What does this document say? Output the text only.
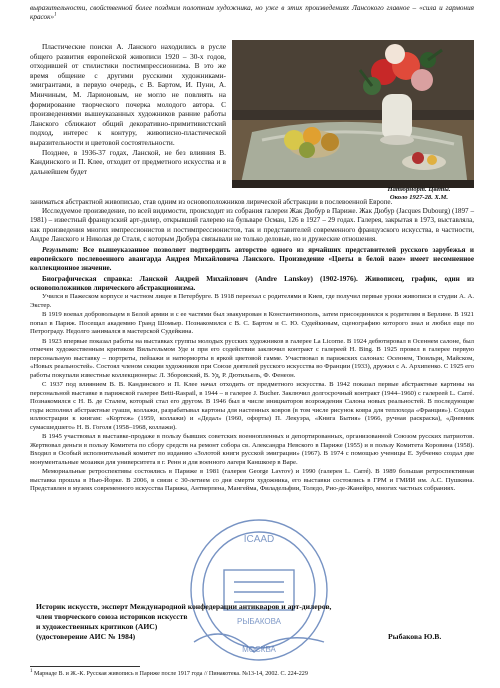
выразительности, свойственной более поздним полотнам художника, но уже в этих произведениях Лансокого главное – «сила и гармония красок»$^1$

Пластические поиски А. Ланского находились в русле общего развития европейской живописи 1920 – 30-х годов, отходившей от стилистики постимпрессионизма. В это же время общение с другими русскими художниками-эмигрантами, в первую очередь, с В. Бартом, И. Пуни, А. Минчиным, М. Ларионовым, не могло не повлиять на формирование творческого почерка молодого автора. С произведениями вышеуказанных художников ранние работы Ланского сближают общий декоративно-примитивистский подход, интерес к контуру, живописно-пластической выразительности и цветовой состоятельности.

Позднее, в 1936-37 годах, Ланской, не без влияния В. Кандинского и П. Клее, отходит от предметного искусства и в дальнейшем будет

Натюрморт. Цветы.
Около 1927-28. Х.М.

заниматься абстрактной живописью, став одним из основоположников лирической абстракции в послевоенной Европе.

Исследуемое произведение, по всей видимости, происходит из собрания галереи Жак Дюбур в Париже. Жак Дюбур (Jacques Dubourg) (1897 – 1981) – известный французский арт-дилер, открывший галерею на бульваре Осман, 126 в 1927 – 29 годах. Галерея, закрытая в 1973, выставляла, как произведения многих импрессионистов и постимпрессионистов, так и представителей современного французского искусства, в частности, Андре Ланского и Николая де Сталя, с которым Дюбура связывали не только деловые, но и дружеские отношения.

Результат: Все вышеуказанное позволяет подтвердить авторство одного из ярчайших представителей русского зарубежья и европейского послевоенного авангарда Андрея Михайловича Ланского. Произведение «Цветы в белой вазе» имеет несомненное коллекционное значение.

Биографическая справка: Ланской Андрей Михайлович (Andre Lanskoy) (1902-1976). Живописец, график, один из основоположников лирического абстракционизма.

Учился в Пажеском корпусе и частном лицее в Петербурге. В 1918 переехал с родителями в Киев, где получил первые уроки живописи в студии А. А. Экстер.

В 1919 воевал добровольцем в Белой армии и с ее частями был эвакуирован в Константинополь, затем присоединился к родителям в Берлине. В 1921 попал в Париж. Посещал академию Гранд Шомьер. Познакомился с В. С. Бартом и С. Ю. Судейкиным, сценографию которого знал и любил еще по Петрограду. Недолго занимался в мастерской Судейкина.

В 1923 впервые показал работы на выставках группы молодых русских художников в галерее La Licorne. В 1924 дебютировал в Осеннем салоне, был отмечен художественным критиком Вильгельмом Уде и при его содействии заключил контракт с галереей Н. Bing. В 1925 провел в галерее первую персональную выставку – портреты, пейзажи и натюрморты в яркой цветовой гамме. Участвовал в парижских салонах: Осеннем, Тюильри, Майском, «Новых реальностей». Состоял членом секции художников при Союзе деятелей русского искусства во Франции (1933), дружил с А. Архипенко. С 1925 его работы покупали известные коллекционеры: Л. Зборовский, В. Уд, Р. Дютильель, Ф. Фенеон.

С 1937 под влиянием В. В. Кандинского и П. Клее начал отходить от предметного искусства. В 1942 показал первые абстрактные картины на персональной выставке в парижской галерее Bettі-Raspail, в 1944 – в галерее J. Bucher. Заключил долгосрочный контракт (1944–1960) с галереей L. Carré. Познакомился с Н. В. де Сталем, который стал его другом. В 1946 был в числе инициаторов возрождения Салона новых реальностей. В последующие годы исполнял абстрактные гуаши, коллажи, разрабатывал картоны для настенных ковров (в том числе рисунок ковра для теплохода «Франция»). Создал иллюстрации к книгам: «Кортеж» (1959, коллажи) и «Дедал» (1960, офорты) П. Лекуэра, «Книга Бытия» (1966, ручная раскраска), «Дневник сумасшедшего» Н. В. Гоголя (1958–1968, коллажи).

В 1945 участвовал в выставке-продаже в пользу бывших советских военнопленных и депортированных, организованной Союзом русских патриотов. Жертвовал деньги в пользу Комитета по сбору средств на ремонт собора св. Александра Невского в Париже (1955) и в пользу Комитета Коровина (1958). Входил в Особый исполнительный комитет по изданию «Золотой книги русской эмиграции» (1967). В 1974 с помощью ученицы Е. Зубченко создал две монументальные мозаики для университета в г. Ренн и для военного лагеря Каншкоер в Варе.

Мемориальные ретроспективы состоялись в Париже в 1981 (галерея George Lavrov) и 1990 (галерея L. Carré). В 1989 большая ретроспективная выставка прошла в Нью-Йорке. В 2006, в связи с 30-летием со дня смерти художника, его выставки состоялись в ГРМ и ГМИИ им. А.С. Пушкина. Представлен в музеях современного искусства Парижа, Антверпена, Мангейма, Филадельфии, Толедо, Рио-де-Жанейро, многих частных собраниях.

ICAAD
РЫБАКОВА
МОСКВА
Историк искусств, эксперт Международной конфедерации антикваров и арт-дилеров,
член творческого союза историков искусств
и художественных критиков (АИС)
(удостоверение АИС № 1984)	Рыбакова Ю.В.
$^1$ Марнаде В. и Ж.-К. Русская живопись в Париже после 1917 года // Пинакотека. №13-14, 2002. С. 224-229
